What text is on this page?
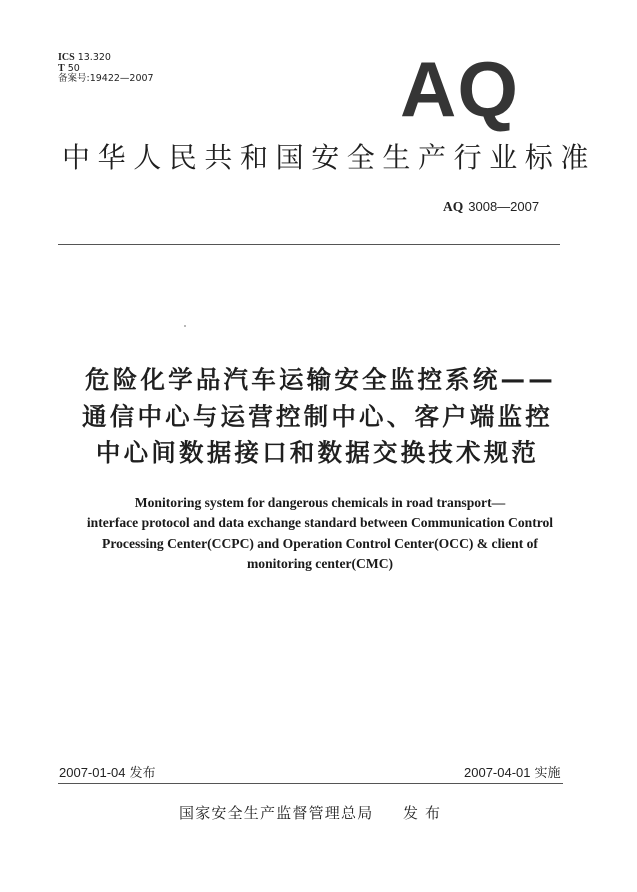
ICS 13.320
T 50
备案号:19422—2007	AQ
中华人民共和国安全生产行业标准
AQ 3008—2007
危险化学品汽车运输安全监控系统——
通信中心与运营控制中心、客户端监控
中心间数据接口和数据交换技术规范
Monitoring system for dangerous chemicals in road transport—
interface protocol and data exchange standard between Communication Control
Processing Center(CCPC) and Operation Control Center(OCC) & client of
monitoring center(CMC)
2007-01-04 发布	2007-04-01 实施
国家安全生产监督管理总局 发布
